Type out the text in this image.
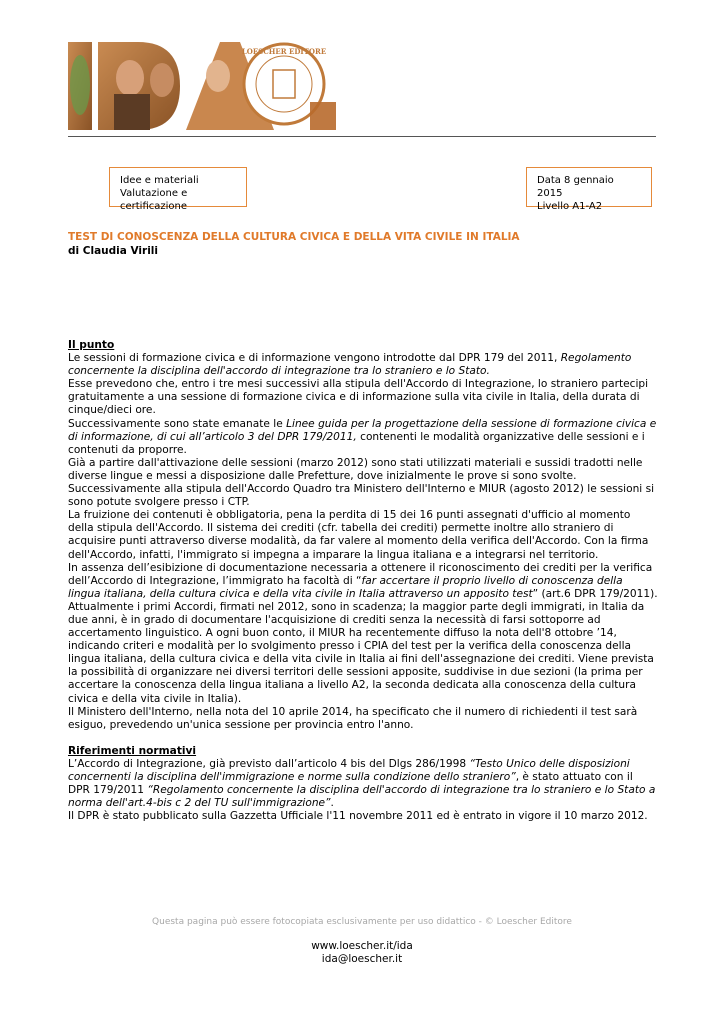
LOESCHER EDITORE
Idee e materiali
Valutazione e certificazione
Data 8 gennaio 2015
Livello A1-A2
TEST DI CONOSCENZA DELLA CULTURA CIVICA E DELLA VITA CIVILE IN ITALIA
di Claudia Virili

Il punto

Le sessioni di formazione civica e di informazione vengono introdotte dal DPR 179 del 2011, Regolamento concernente la disciplina dell'accordo di integrazione tra lo straniero e lo Stato.

Esse prevedono che, entro i tre mesi successivi alla stipula dell'Accordo di Integrazione, lo straniero partecipi gratuitamente a una sessione di formazione civica e di informazione sulla vita civile in Italia, della durata di cinque/dieci ore.

Successivamente sono state emanate le Linee guida per la progettazione della sessione di formazione civica e di informazione, di cui all’articolo 3 del DPR 179/2011, contenenti le modalità organizzative delle sessioni e i contenuti da proporre.

Già a partire dall'attivazione delle sessioni (marzo 2012) sono stati utilizzati materiali e sussidi tradotti nelle diverse lingue e messi a disposizione dalle Prefetture, dove inizialmente le prove si sono svolte.

Successivamente alla stipula dell'Accordo Quadro tra Ministero dell'Interno e MIUR (agosto 2012) le sessioni si sono potute svolgere presso i CTP.

La fruizione dei contenuti è obbligatoria, pena la perdita di 15 dei 16 punti assegnati d'ufficio al momento della stipula dell'Accordo. Il sistema dei crediti (cfr. tabella dei crediti) permette inoltre allo straniero di acquisire punti attraverso diverse modalità, da far valere al momento della verifica dell'Accordo. Con la firma dell'Accordo, infatti, l'immigrato si impegna a imparare la lingua italiana e a integrarsi nel territorio.

In assenza dell’esibizione di documentazione necessaria a ottenere il riconoscimento dei crediti per la verifica dell’Accordo di Integrazione, l’immigrato ha facoltà di “far accertare il proprio livello di conoscenza della lingua italiana, della cultura civica e della vita civile in Italia attraverso un apposito test” (art.6 DPR 179/2011).

Attualmente i primi Accordi, firmati nel 2012, sono in scadenza; la maggior parte degli immigrati, in Italia da due anni, è in grado di documentare l'acquisizione di crediti senza la necessità di farsi sottoporre ad accertamento linguistico. A ogni buon conto, il MIUR ha recentemente diffuso la nota dell'8 ottobre ’14, indicando criteri e modalità per lo svolgimento presso i CPIA del test per la verifica della conoscenza della lingua italiana, della cultura civica e della vita civile in Italia ai fini dell'assegnazione dei crediti. Viene prevista la possibilità di organizzare nei diversi territori delle sessioni apposite, suddivise in due sezioni (la prima per accertare la conoscenza della lingua italiana a livello A2, la seconda dedicata alla conoscenza della cultura civica e della vita civile in Italia).

Il Ministero dell'Interno, nella nota del 10 aprile 2014, ha specificato che il numero di richiedenti il test sarà esiguo, prevedendo un'unica sessione per provincia entro l'anno.

Riferimenti normativi

L’Accordo di Integrazione, già previsto dall’articolo 4 bis del Dlgs 286/1998 “Testo Unico delle disposizioni concernenti la disciplina dell'immigrazione e norme sulla condizione dello straniero”, è stato attuato con il DPR 179/2011 “Regolamento concernente la disciplina dell'accordo di integrazione tra lo straniero e lo Stato a norma dell'art.4-bis c 2 del TU sull'immigrazione”.

Il DPR è stato pubblicato sulla Gazzetta Ufficiale l'11 novembre 2011 ed è entrato in vigore il 10 marzo 2012.

Questa pagina può essere fotocopiata esclusivamente per uso didattico - © Loescher Editore
www.loescher.it/ida
ida@loescher.it
